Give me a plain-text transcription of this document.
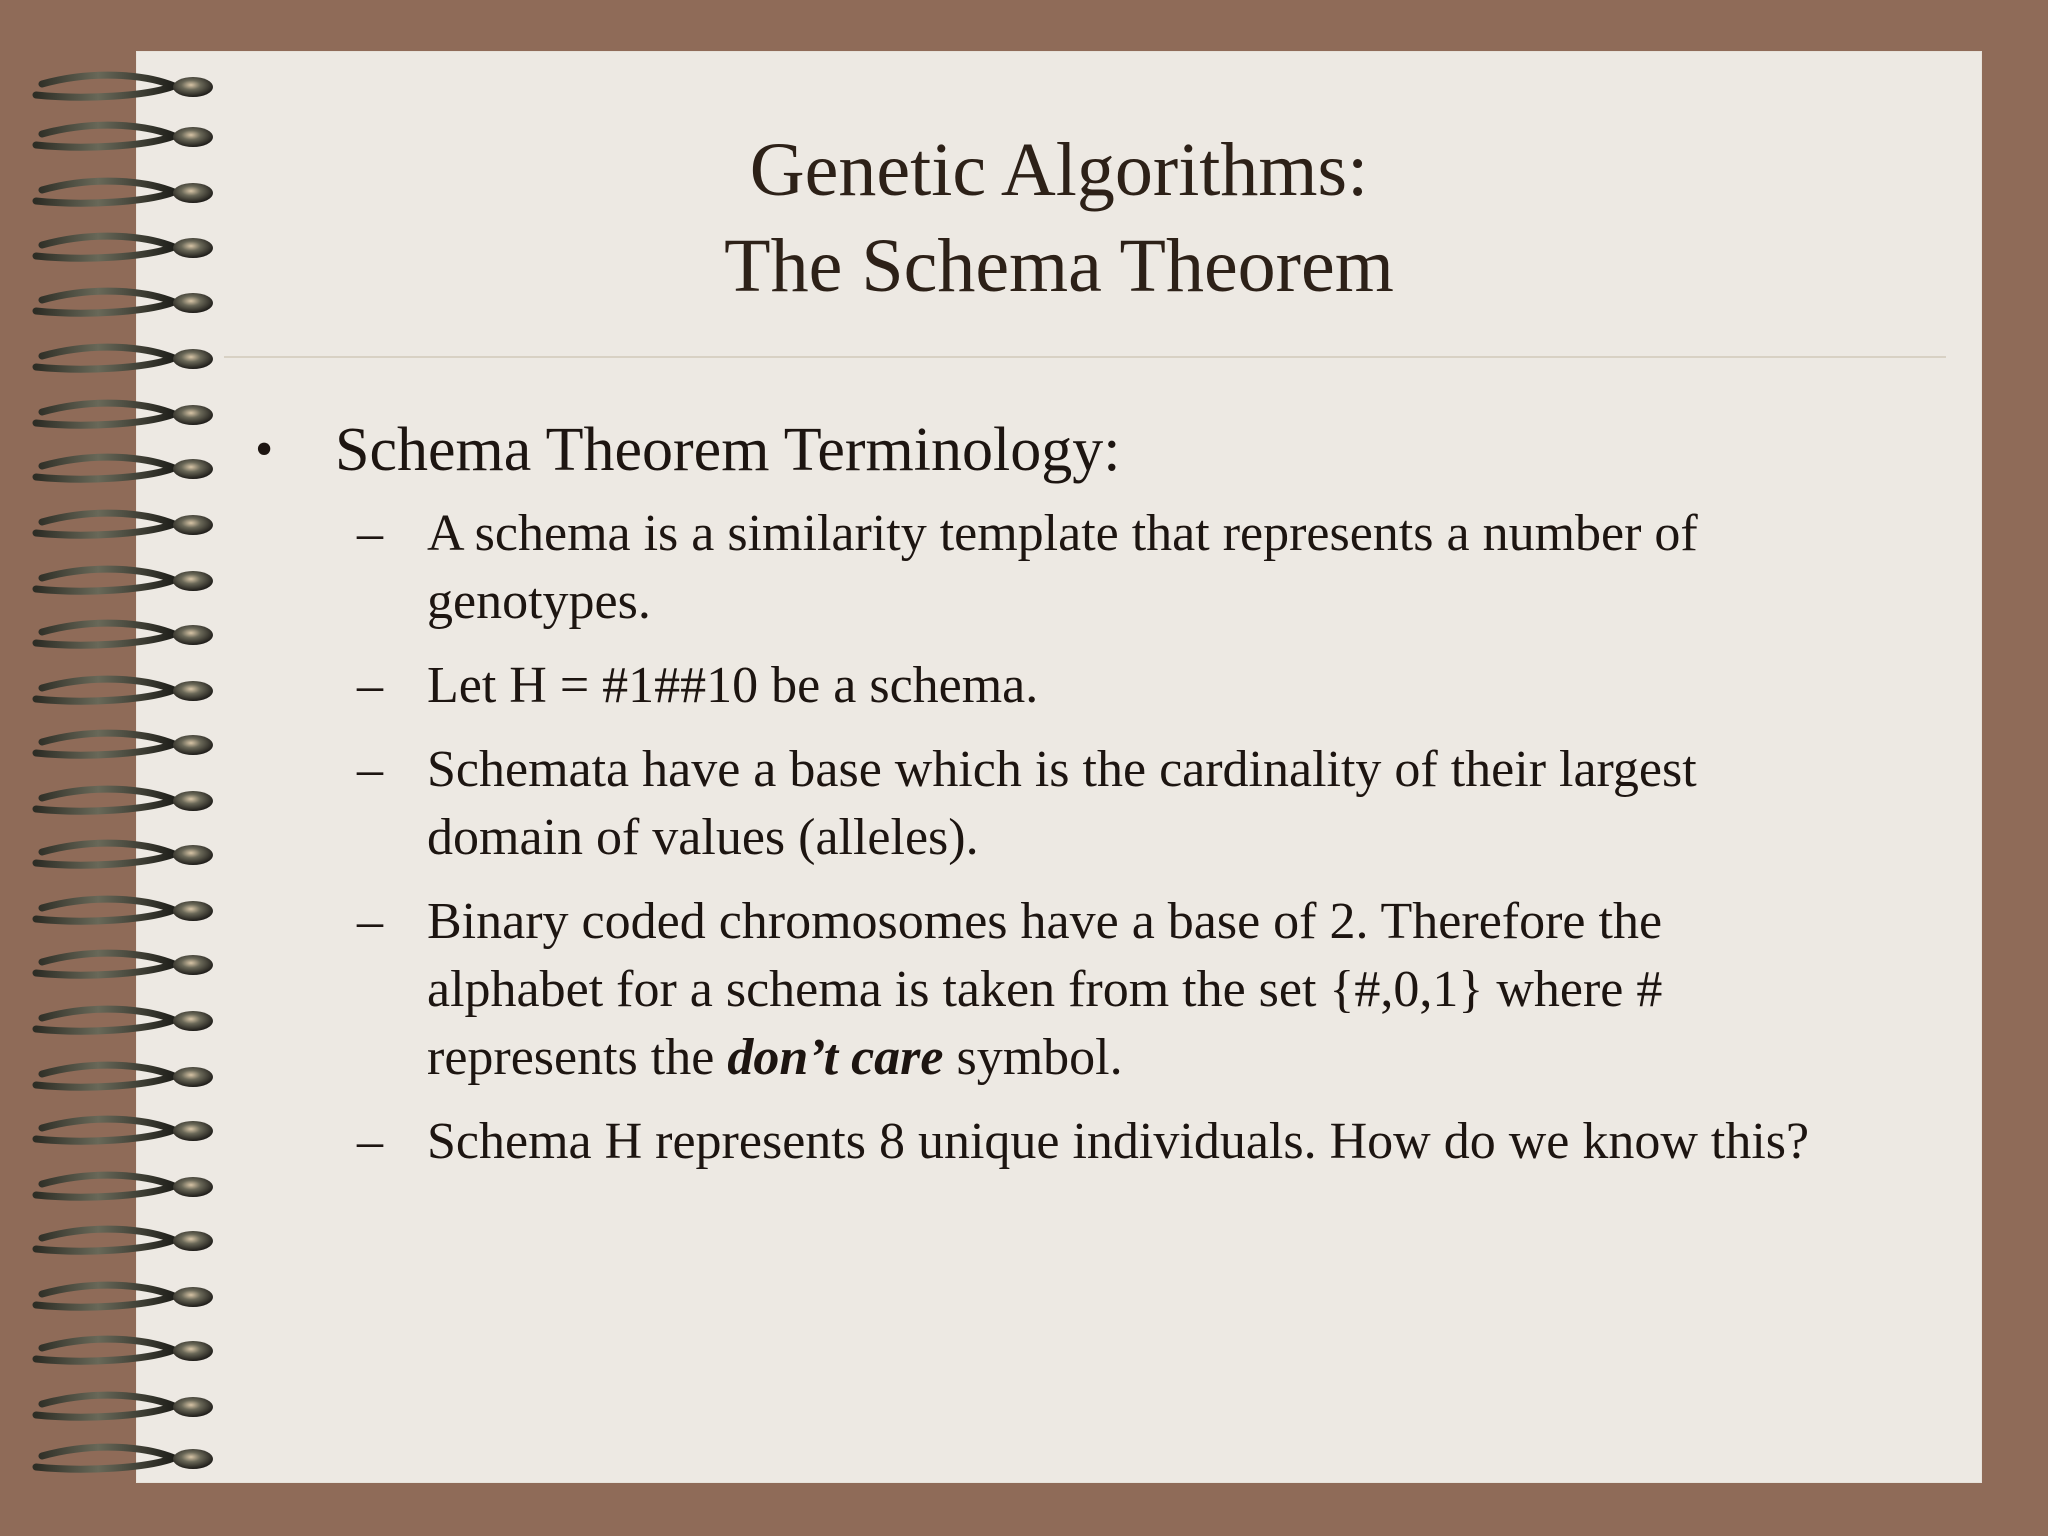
Genetic Algorithms:
The Schema Theorem
• Schema Theorem Terminology:
– A schema is a similarity template that represents a number of genotypes.
– Let H = #1##10 be a schema.
– Schemata have a base which is the cardinality of their largest domain of values (alleles).
– Binary coded chromosomes have a base of 2. Therefore the alphabet for a schema is taken from the set {#,0,1} where # represents the don’t care symbol.
– Schema H represents 8 unique individuals. How do we know this?
